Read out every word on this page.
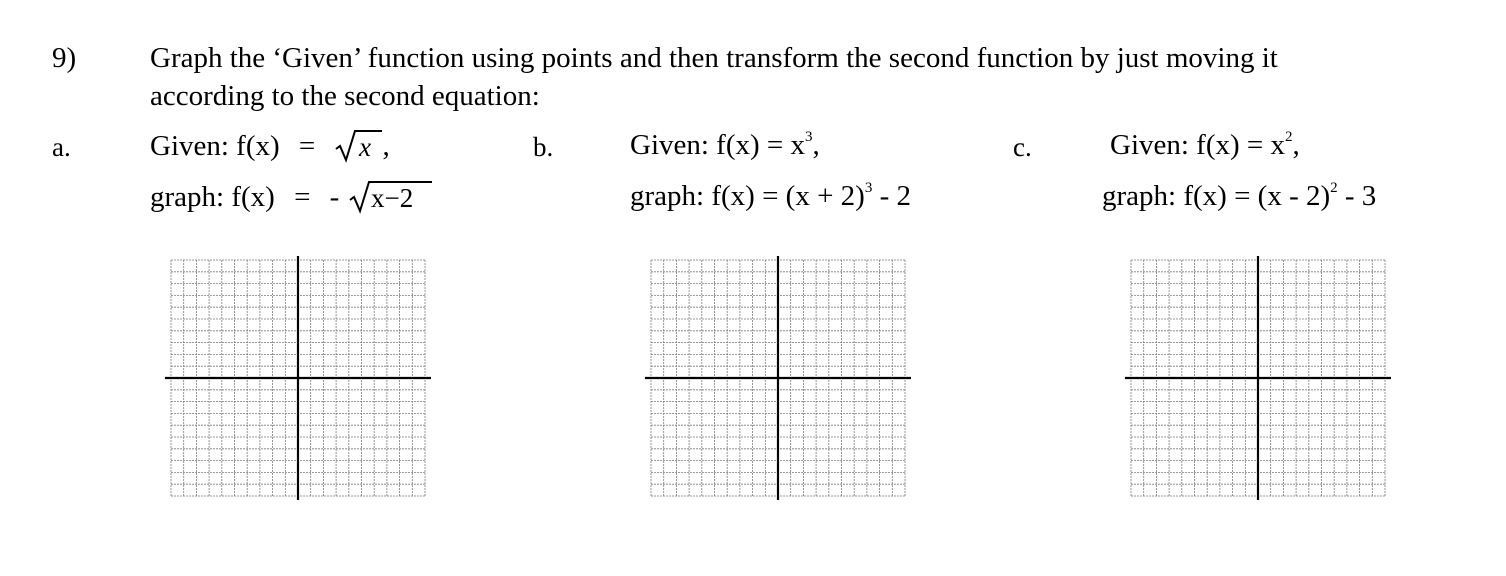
9)	Graph the ‘Given’ function using points and then transform the second function by just moving it
according to the second equation:
a.	Given: f(x) = x ,
graph: f(x) = - x−2
b.	Given: $f(x) = x^3$,
graph: $f(x) = (x + 2)^3 - 2$
c.	Given: $f(x) = x^2$,
graph: f(x) = (x - 2)$^2$ - 3
